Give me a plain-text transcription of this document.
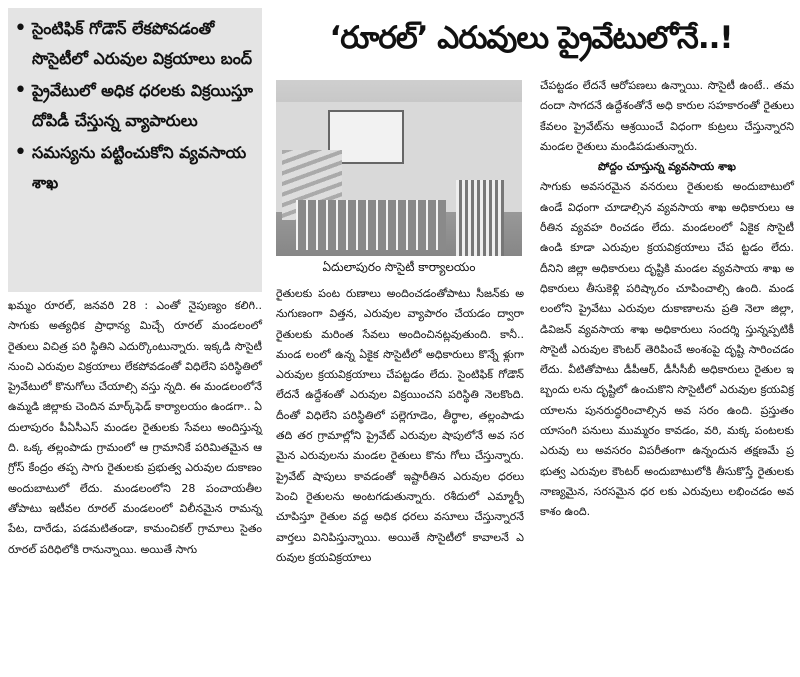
• సైంటిఫిక్ గోడౌన్ లేకపోవడంతో సొసైటీలో ఎరువుల విక్రయాలు బంద్
• ప్రైవేటులో అధిక ధరలకు విక్రయిస్తూ దోపిడీ చేస్తున్న వ్యాపారులు
• సమస్యను పట్టించుకోని వ్యవసాయ శాఖ
‘రూరల్’ ఎరువులు ప్రైవేటులోనే..!
ఏదులాపురం సొసైటీ కార్యాలయం
ఖమ్మం రూరల్, జనవరి 28 : ఎంతో నైపుణ్యం కలిగి.. సాగుకు అత్యధిక ప్రాధాన్య మిచ్చే రూరల్ మండలంలో రైతులు విచిత్ర పరి స్థితిని ఎదుర్కొంటున్నారు. ఇక్కడి సొసైటీ నుంచి ఎరువుల విక్రయాలు లేకపోవడంతో విధిలేని పరిస్థితిలో ప్రైవేటులో కొనుగోలు చేయాల్సి వస్తు న్నది. ఈ మండలంలోనే ఉమ్మడి జిల్లాకు చెందిన మార్క్‌ఫెడ్ కార్యాలయం ఉండగా.. ఏదులాపురం పీఏసీఎస్ మండల రైతులకు సేవలు అందిస్తున్నది. ఒక్క తల్లంపాడు గ్రామంలో ఆ గ్రామానికే పరిమితమైన ఆగ్రోస్ కేంద్రం తప్ప సాగు రైతులకు ప్రభుత్వ ఎరువుల దుకాణం అందుబాటులో లేదు. మండలంలోని 28 పంచాయతీలతోపాటు ఇటీవల రూరల్ మండలంలో విలీనమైన రామన్నపేట, దారేడు, పడమటితండా, కామంచికల్ గ్రామాలు సైతం రూరల్ పరిధిలోకి రానున్నాయి. అయితే సాగు
రైతులకు పంట రుణాలు అందించడంతోపాటు సీజన్‌కు అనుగుణంగా విత్తన, ఎరువుల వ్యాపారం చేయడం ద్వారా రైతులకు మరింత సేవలు అందించినట్లవుతుంది. కానీ.. మండ లంలో ఉన్న ఏకైక సొసైటీలో అధికారులు కొన్నే ళ్లుగా ఎరువుల క్రయవిక్రయాలు చేపట్టడం లేదు. సైంటిఫిక్ గోడౌన్ లేదనే ఉద్దేశంతో ఎరువుల విక్రయించని పరిస్థితి నెలకొంది. దీంతో విధిలేని పరిస్థితిలో పల్లెగూడెం, తీర్థాల, తల్లంపాడు తది తర గ్రామాల్లోని ప్రైవేట్ ఎరువుల షాపులోనే అవ సరమైన ఎరువులను మండల రైతులు కొను గోలు చేస్తున్నారు. ప్రైవేట్ షాపులు కావడంతో ఇష్టారీతిన ఎరువుల ధరలు పెంచి రైతులను అంటగడుతున్నారు. రశీదులో ఎమ్మార్పీ చూపిస్తూ రైతుల వద్ద అధిక ధరలు వసూలు చేస్తున్నారనే వార్తలు వినిపిస్తున్నాయి. అయితే సొసైటీలో కావాలనే ఎరువుల క్రయవిక్రయాలు
చేపట్టడం లేదనే ఆరోపణలు ఉన్నాయి. సొసైటీ ఉంటే.. తమ దందా సాగదనే ఉద్దేశంతోనే అధి కారుల సహకారంతో రైతులు కేవలం ప్రైవేట్‌ను ఆశ్రయించే విధంగా కుట్రలు చేస్తున్నారని మండల రైతులు మండిపడుతున్నారు.
పోద్దం చూస్తున్న వ్యవసాయ శాఖ
సాగుకు అవసరమైన వనరులు రైతులకు అందుబాటులో ఉండే విధంగా చూడాల్సిన వ్యవసాయ శాఖ అధికారులు ఆ రీతిన వ్యవహ రించడం లేదు. మండలంలో ఏకైక సొసైటీ ఉండి కూడా ఎరువుల క్రయవిక్రయాలు చేప ట్టడం లేదు. దీనిని జిల్లా అధికారులు దృష్టికి మండల వ్యవసాయ శాఖ అధికారులు తీసుకెళ్లి పరిష్కారం చూపించాల్సి ఉంది. మండలంలోని ప్రైవేటు ఎరువుల దుకాణాలను ప్రతి నెలా జిల్లా, డివిజన్ వ్యవసాయ శాఖ అధికారులు సందర్శి స్తున్నప్పటికీ సొసైటీ ఎరువుల కౌంటర్ తెరిపించే అంశంపై దృష్టి సారించడం లేదు. వీటితోపాటు డీపీఆర్, డీసీసీబీ అధికారులు రైతుల ఇబ్బందు లను దృష్టిలో ఉంచుకొని సొసైటీలో ఎరువుల క్రయవిక్రయాలను పునరుద్ధరించాల్సిన అవ సరం ఉంది. ప్రస్తుతం యాసంగి పనులు ముమ్మరం కావడం, వరి, మక్క పంటలకు ఎరువు లు అవసరం విపరీతంగా ఉన్నందున తక్షణమే ప్రభుత్వ ఎరువుల కౌంటర్ అందుబాటులోకి తీసుకొస్తే రైతులకు నాణ్యమైన, సరసమైన ధర లకు ఎరువులు లభించడం అవకాశం ఉంది.
